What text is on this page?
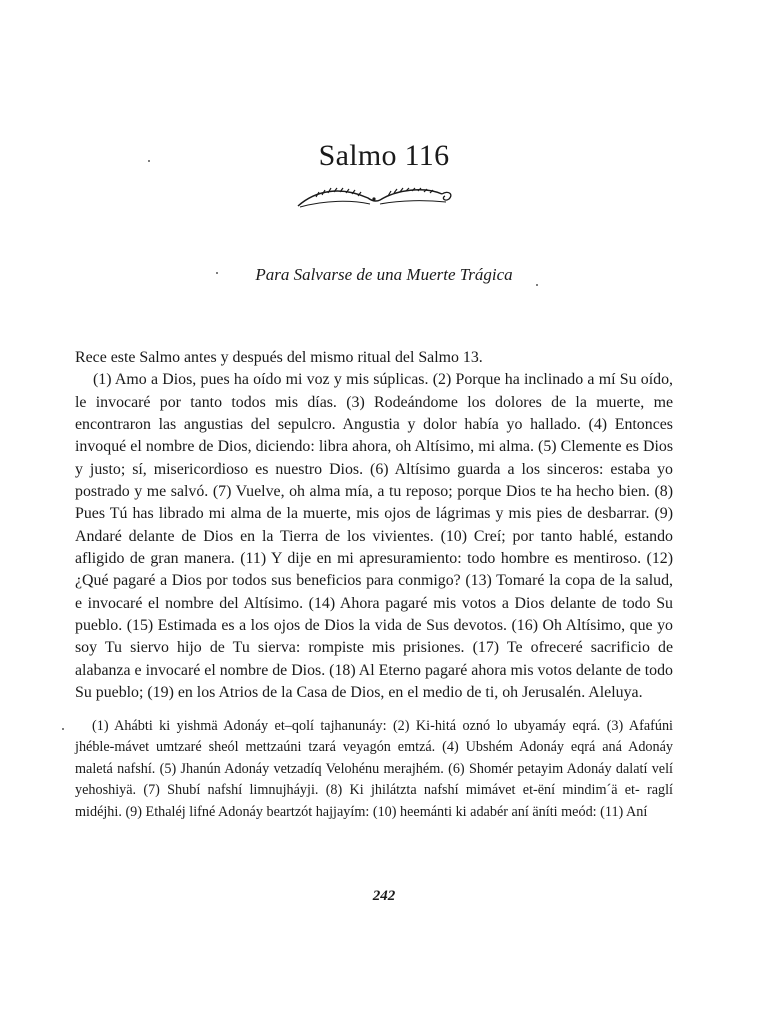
Salmo 116
Para Salvarse de una Muerte Trágica

Rece este Salmo antes y después del mismo ritual del Salmo 13.

(1) Amo a Dios, pues ha oído mi voz y mis súplicas. (2) Porque ha inclinado a mí Su oído, le invocaré por tanto todos mis días. (3) Rodeándome los dolores de la muerte, me encontraron las angustias del sepulcro. Angustia y dolor había yo hallado. (4) Entonces invoqué el nombre de Dios, diciendo: libra ahora, oh Altísimo, mi alma. (5) Clemente es Dios y justo; sí, misericordioso es nuestro Dios. (6) Altísimo guarda a los sinceros: estaba yo postrado y me salvó. (7) Vuelve, oh alma mía, a tu reposo; porque Dios te ha hecho bien. (8) Pues Tú has librado mi alma de la muerte, mis ojos de lágrimas y mis pies de desbarrar. (9) Andaré delante de Dios en la Tierra de los vivientes. (10) Creí; por tanto hablé, estando afligido de gran manera. (11) Y dije en mi apresuramiento: todo hombre es mentiroso. (12) ¿Qué pagaré a Dios por todos sus beneficios para conmigo? (13) Tomaré la copa de la salud, e invocaré el nombre del Altísimo. (14) Ahora pagaré mis votos a Dios delante de todo Su pueblo. (15) Estimada es a los ojos de Dios la vida de Sus devotos. (16) Oh Altísimo, que yo soy Tu siervo hijo de Tu sierva: rompiste mis prisiones. (17) Te ofreceré sacrificio de alabanza e invocaré el nombre de Dios. (18) Al Eterno pagaré ahora mis votos delante de todo Su pueblo; (19) en los Atrios de la Casa de Dios, en el medio de ti, oh Jerusalén. Aleluya.

(1) Ahábti ki yishmä Adonáy et–qolí tajhanunáy: (2) Ki-hitá oznó lo ubyamáy eqrá. (3) Afafúni jhéble-mávet umtzaré sheól mettzaúni tzará veyagón emtzá. (4) Ubshém Adonáy eqrá aná Adonáy maletá nafshí. (5) Jhanún Adonáy vetzadíq Velohénu merajhém. (6) Shomér petayim Adonáy dalatí velí yehoshiyä. (7) Shubí nafshí limnujháyji. (8) Ki jhilátzta nafshí mimávet et-ëní mindim´ä et- raglí midéjhi. (9) Ethaléj lifné Adonáy beartzót hajjayím: (10) heemánti ki adabér aní äníti meód: (11) Aní
242
